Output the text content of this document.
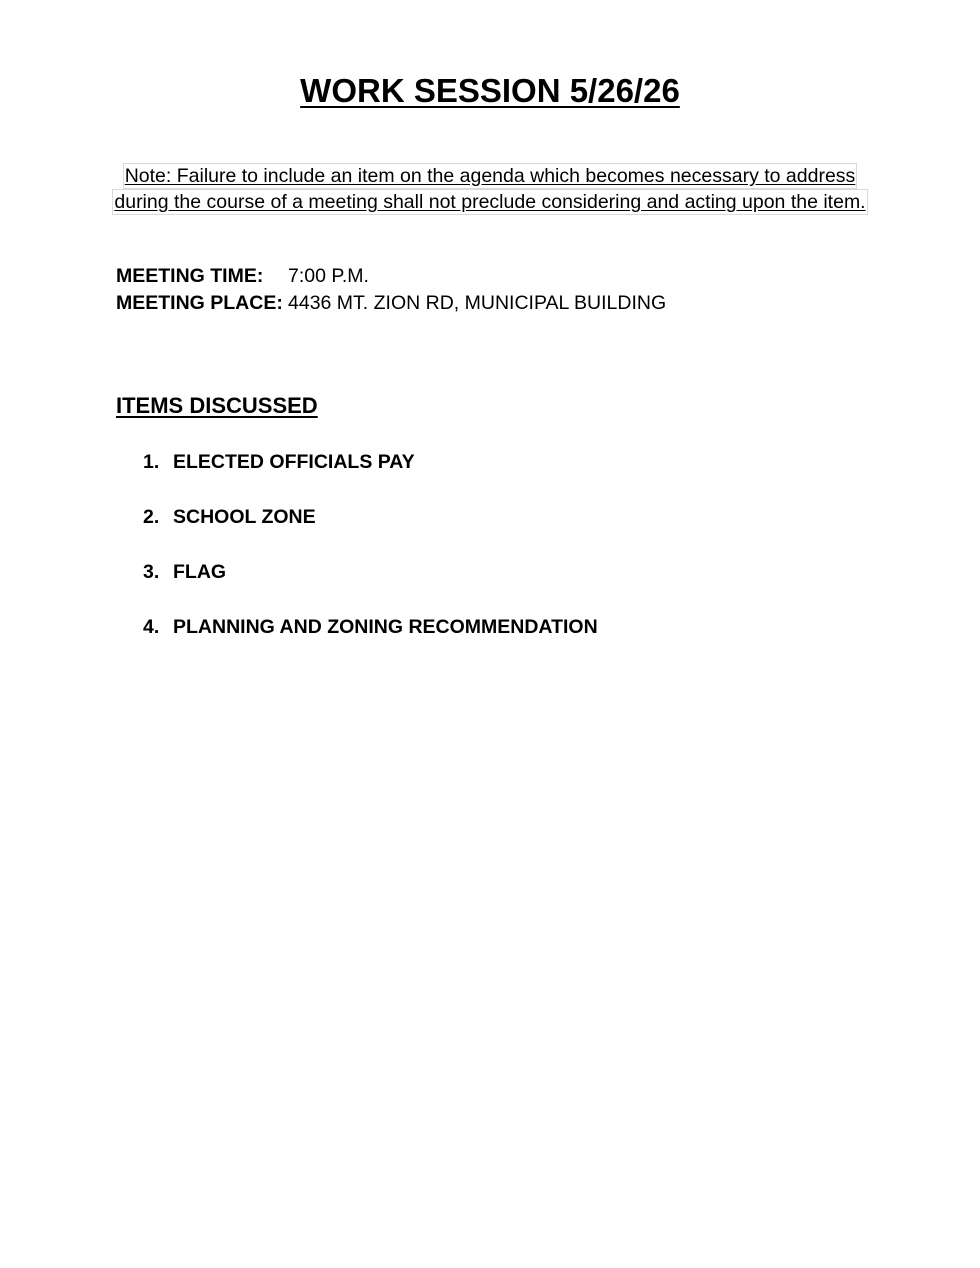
WORK SESSION 5/26/26
Note: Failure to include an item on the agenda which becomes necessary to address
during the course of a meeting shall not preclude considering and acting upon the item.
MEETING TIME:	7:00 P.M.
MEETING PLACE: 4436 MT. ZION RD, MUNICIPAL BUILDING
ITEMS DISCUSSED
1. ELECTED OFFICIALS PAY
2. SCHOOL ZONE
3. FLAG
4. PLANNING AND ZONING RECOMMENDATION
